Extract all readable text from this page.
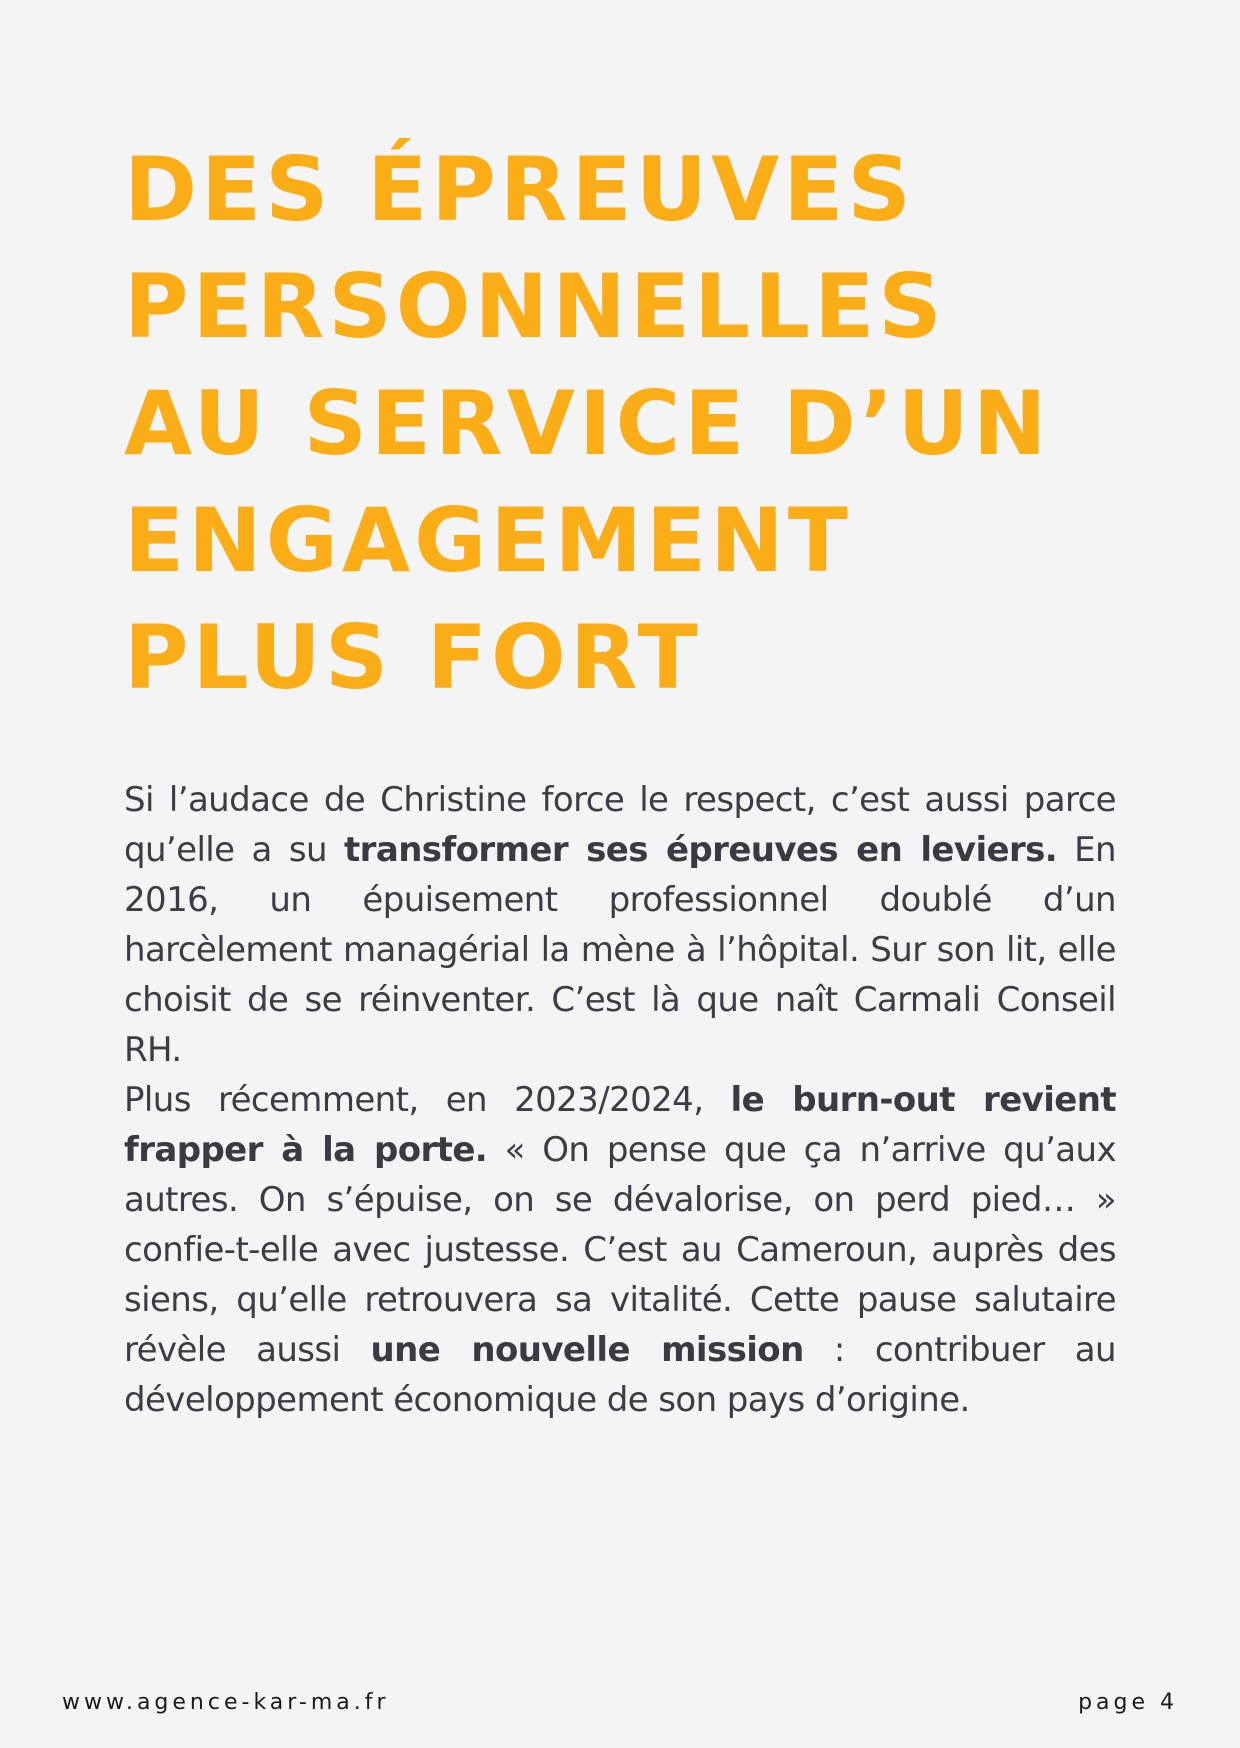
DES ÉPREUVES
PERSONNELLES
AU SERVICE D’UN
ENGAGEMENT
PLUS FORT

Si l’audace de Christine force le respect, c’est aussi parce qu’elle a su transformer ses épreuves en leviers. En 2016, un épuisement professionnel doublé d’un harcèlement managérial la mène à l’hôpital. Sur son lit, elle choisit de se réinventer. C’est là que naît Carmali Conseil RH.

Plus récemment, en 2023/2024, le burn-out revient frapper à la porte. « On pense que ça n’arrive qu’aux autres. On s’épuise, on se dévalorise, on perd pied… » confie-t-elle avec justesse. C’est au Cameroun, auprès des siens, qu’elle retrouvera sa vitalité. Cette pause salutaire révèle aussi une nouvelle mission : contribuer au développement économique de son pays d’origine.

www.agence-kar-ma.fr	page 4
